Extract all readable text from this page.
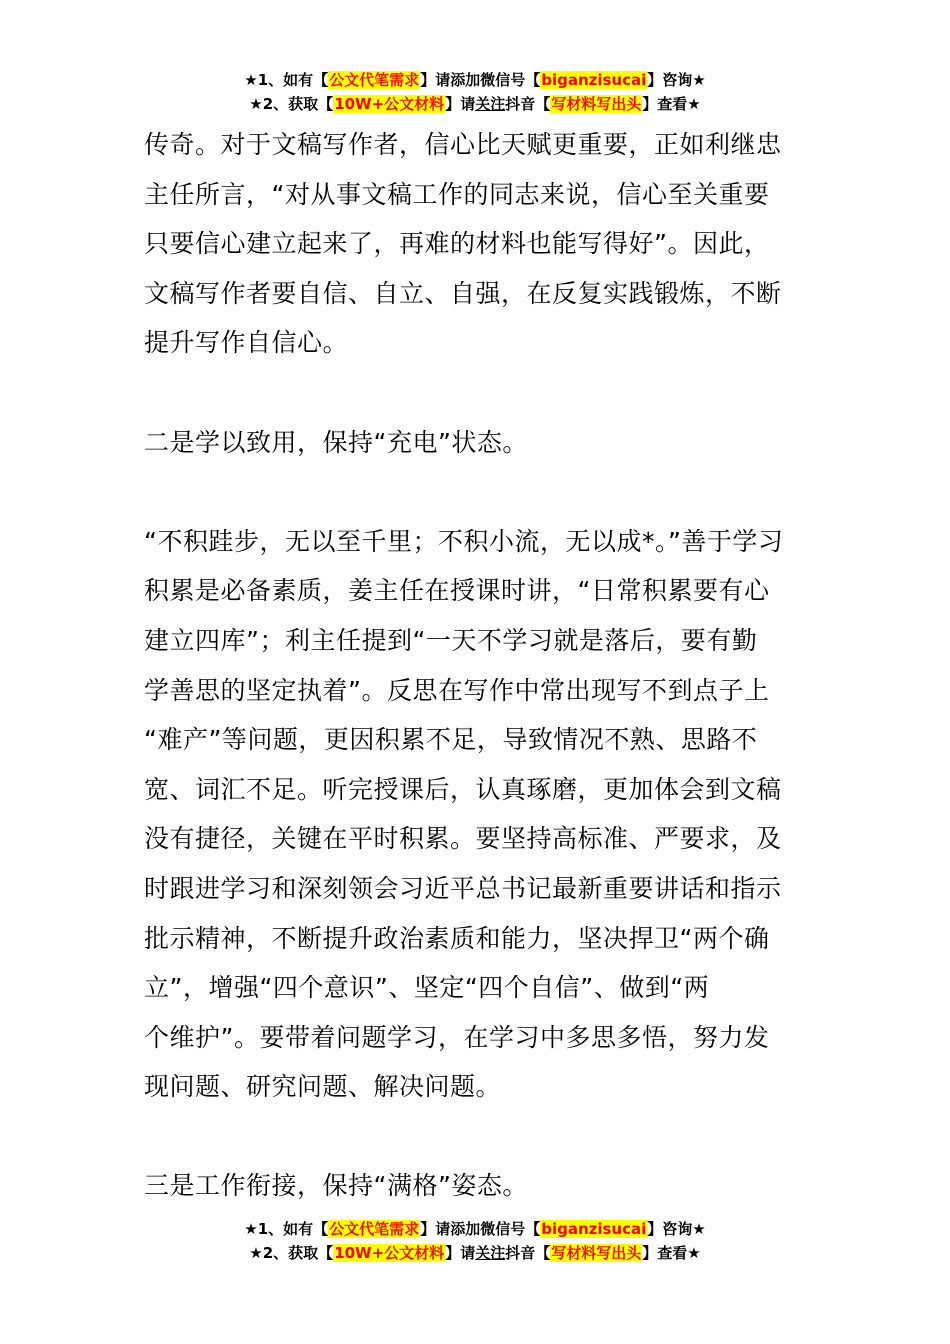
★1、如有【公文代笔需求】请添加微信号【biganzisucai】咨询★
★2、获取【10W+公文材料】请关注抖音【写材料写出头】查看★
传奇。对于文稿写作者，信心比天赋更重要，正如利继忠
主任所言，“对从事文稿工作的同志来说，信心至关重要
只要信心建立起来了，再难的材料也能写得好”。因此，
文稿写作者要自信、自立、自强，在反复实践锻炼，不断
提升写作自信心。
二是学以致用，保持“充电”状态。
“不积跬步，无以至千里；不积小流，无以成*。”善于学习
积累是必备素质，姜主任在授课时讲，“日常积累要有心
建立四库”；利主任提到“一天不学习就是落后，要有勤
学善思的坚定执着”。反思在写作中常出现写不到点子上
“难产”等问题，更因积累不足，导致情况不熟、思路不
宽、词汇不足。听完授课后，认真琢磨，更加体会到文稿
没有捷径，关键在平时积累。要坚持高标准、严要求，及
时跟进学习和深刻领会习近平总书记最新重要讲话和指示
批示精神，不断提升政治素质和能力，坚决捍卫“两个确
立”，增强“四个意识”、坚定“四个自信”、做到“两
个维护”。要带着问题学习，在学习中多思多悟，努力发
现问题、研究问题、解决问题。
三是工作衔接，保持“满格”姿态。
★1、如有【公文代笔需求】请添加微信号【biganzisucai】咨询★
★2、获取【10W+公文材料】请关注抖音【写材料写出头】查看★
